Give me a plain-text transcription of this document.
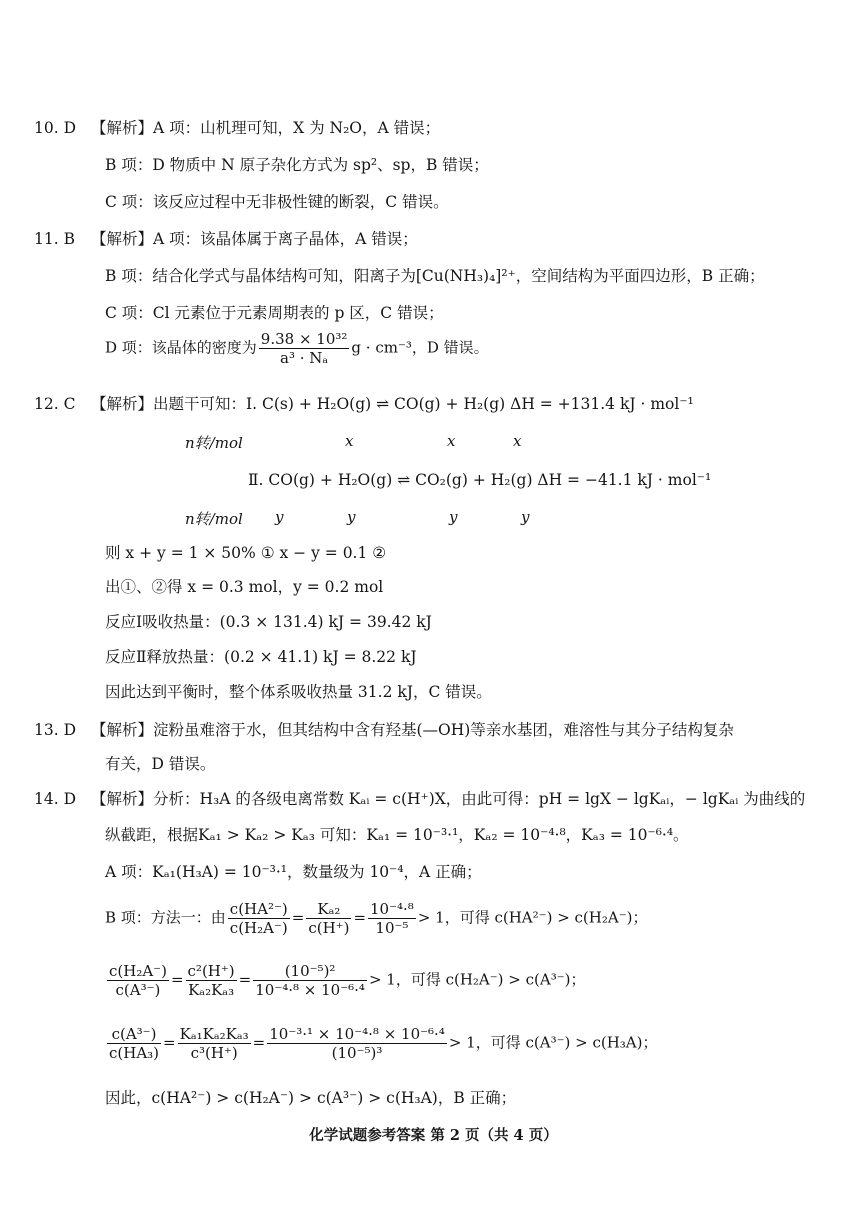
10. D 【解析】A 项：山机理可知，X 为 N₂O，A 错误；
B 项：D 物质中 N 原子杂化方式为 sp²、sp，B 错误；
C 项：该反应过程中无非极性键的断裂，C 错误。
11. B 【解析】A 项：该晶体属于离子晶体，A 错误；
B 项：结合化学式与晶体结构可知，阳离子为[Cu(NH₃)₄]²⁺，空间结构为平面四边形，B 正确；
C 项：Cl 元素位于元素周期表的 p 区，C 错误；
D 项：该晶体的密度为 $\frac{\text{9.38 × 10³²}}{\text{a³ · Nₐ}}$ g · cm⁻³，D 错误。
12. C 【解析】出题干可知：Ⅰ. C(s) + H₂O(g) ⇌ CO(g) + H₂(g) ΔH = +131.4 kJ · mol⁻¹
n转/mol	x	x	x
Ⅱ. CO(g) + H₂O(g) ⇌ CO₂(g) + H₂(g) ΔH = −41.1 kJ · mol⁻¹
n转/mol y	y	y	y
则 x + y = 1 × 50% ① x − y = 0.1 ②
出①、②得 x = 0.3 mol，y = 0.2 mol
反应Ⅰ吸收热量：(0.3 × 131.4) kJ = 39.42 kJ
反应Ⅱ释放热量：(0.2 × 41.1) kJ = 8.22 kJ
因此达到平衡时，整个体系吸收热量 31.2 kJ，C 错误。
13. D 【解析】淀粉虽难溶于水，但其结构中含有羟基(—OH)等亲水基团，难溶性与其分子结构复杂
有关，D 错误。
14. D 【解析】分析：H₃A 的各级电离常数 Kₐᵢ = c(H⁺)X，由此可得：pH = lgX − lgKₐᵢ，− lgKₐᵢ 为曲线的
纵截距，根据Kₐ₁ > Kₐ₂ > Kₐ₃ 可知：Kₐ₁ = 10⁻³·¹，Kₐ₂ = 10⁻⁴·⁸，Kₐ₃ = 10⁻⁶·⁴。
A 项：Kₐ₁(H₃A) = 10⁻³·¹，数量级为 10⁻⁴，A 正确；
B 项：方法一：由 $\frac{\text{c(HA²⁻)}}{\text{c(H₂A⁻)}} = \frac{\text{Kₐ₂}}{c(H^+)} = \frac{\text{10⁻⁴·⁸}}{\text{10⁻⁵}} > 1$，可得 c(HA²⁻) > c(H₂A⁻)；
$\frac{\text{c(H₂A⁻)}}{\text{c(A³⁻)}} = \frac{\text{c²(H⁺)}}{\text{Kₐ₂Kₐ₃}} = \frac{\text{(10⁻⁵)²}}{\text{10⁻⁴·⁸ × 10⁻⁶·⁴}} > 1$，可得 c(H₂A⁻) > c(A³⁻)；
$\frac{\text{c(A³⁻)}}{\text{c(HA₃)}} = \frac{\text{Kₐ₁Kₐ₂Kₐ₃}}{\text{c³(H⁺)}} = \frac{\text{10⁻³·¹ × 10⁻⁴·⁸ × 10⁻⁶·⁴}}{\text{(10⁻⁵)³}} > 1$，可得 c(A³⁻) > c(H₃A)；
因此，c(HA²⁻) > c(H₂A⁻) > c(A³⁻) > c(H₃A)，B 正确；
化学试题参考答案 第 2 页（共 4 页）
